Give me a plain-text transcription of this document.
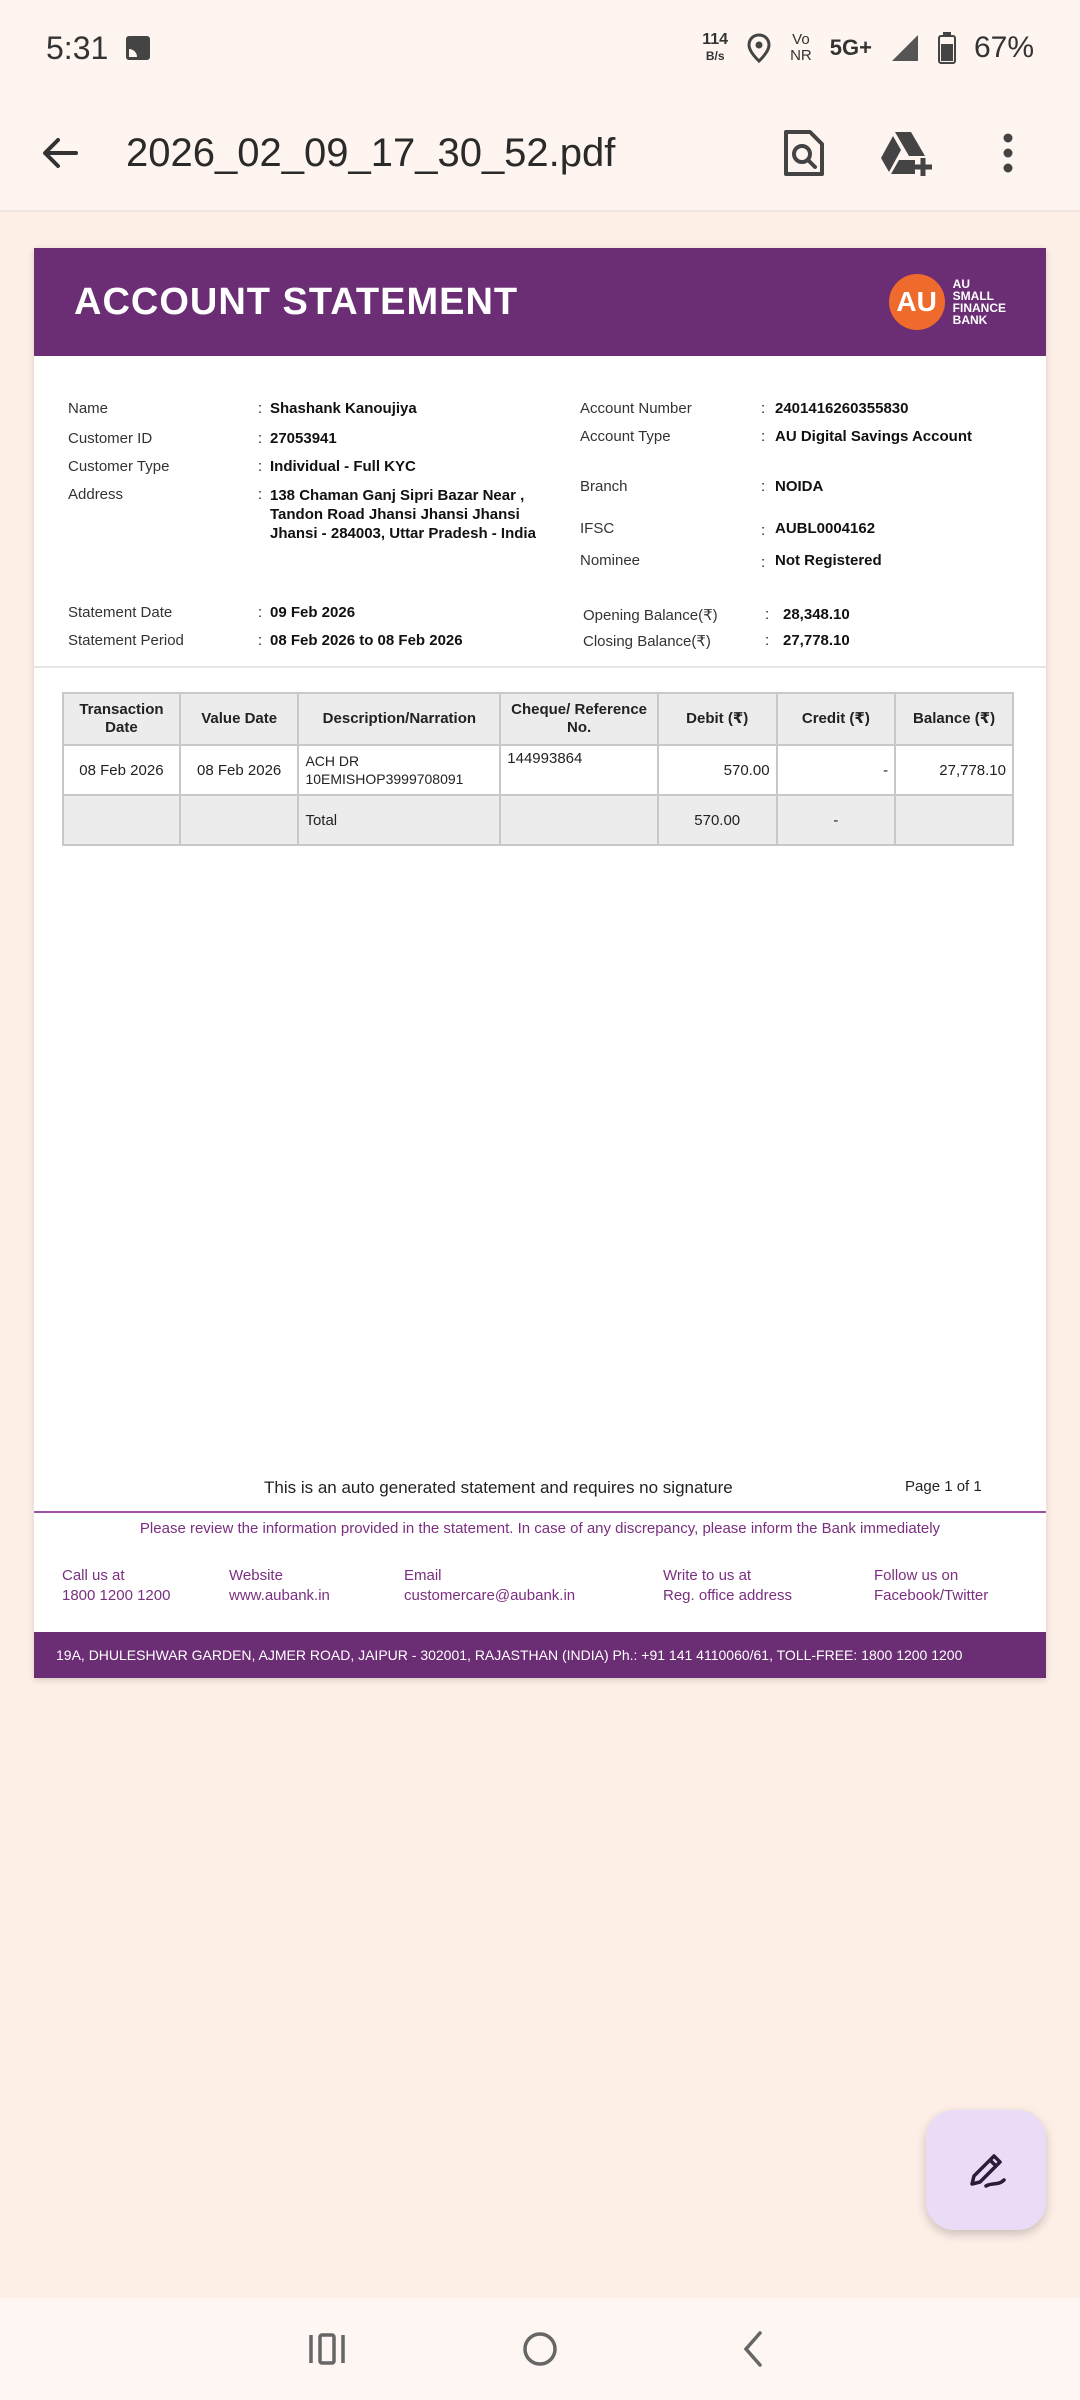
5:31	114
B/s
Vo
NR 5G+	67%
2026_02_09_17_30_52.pdf
ACCOUNT STATEMENT	AU
AU
SMALL
FINANCE
BANK
Name	: Shashank Kanoujiya
Customer ID	: 27053941
Customer Type	: Individual - Full KYC
Address	: 138 Chaman Ganj Sipri Bazar Near , Tandon Road Jhansi Jhansi Jhansi Jhansi - 284003, Uttar Pradesh - India
Statement Date	: 09 Feb 2026
Statement Period	: 08 Feb 2026 to 08 Feb 2026
Account Number	: 2401416260355830
Account Type	: AU Digital Savings Account
Branch	: NOIDA
IFSC	: AUBL0004162
Nominee	: Not Registered
Opening Balance(₹)	: 28,348.10
Closing Balance(₹)	: 27,778.10
Transaction Date	Value Date	Description/Narration	Cheque/ Reference No.	Debit (₹)	Credit (₹)	Balance (₹)
08 Feb 2026	08 Feb 2026	ACH DR 10EMISHOP3999708091	144993864	570.00	-	27,778.10
		Total		570.00	-	
This is an auto generated statement and requires no signature	Page 1 of 1
Please review the information provided in the statement. In case of any discrepancy, please inform the Bank immediately
Call us at
1800 1200 1200
Website
www.aubank.in
Email
customercare@aubank.in
Write to us at
Reg. office address
Follow us on
Facebook/Twitter
19A, DHULESHWAR GARDEN, AJMER ROAD, JAIPUR - 302001, RAJASTHAN (INDIA) Ph.: +91 141 4110060/61, TOLL-FREE: 1800 1200 1200
